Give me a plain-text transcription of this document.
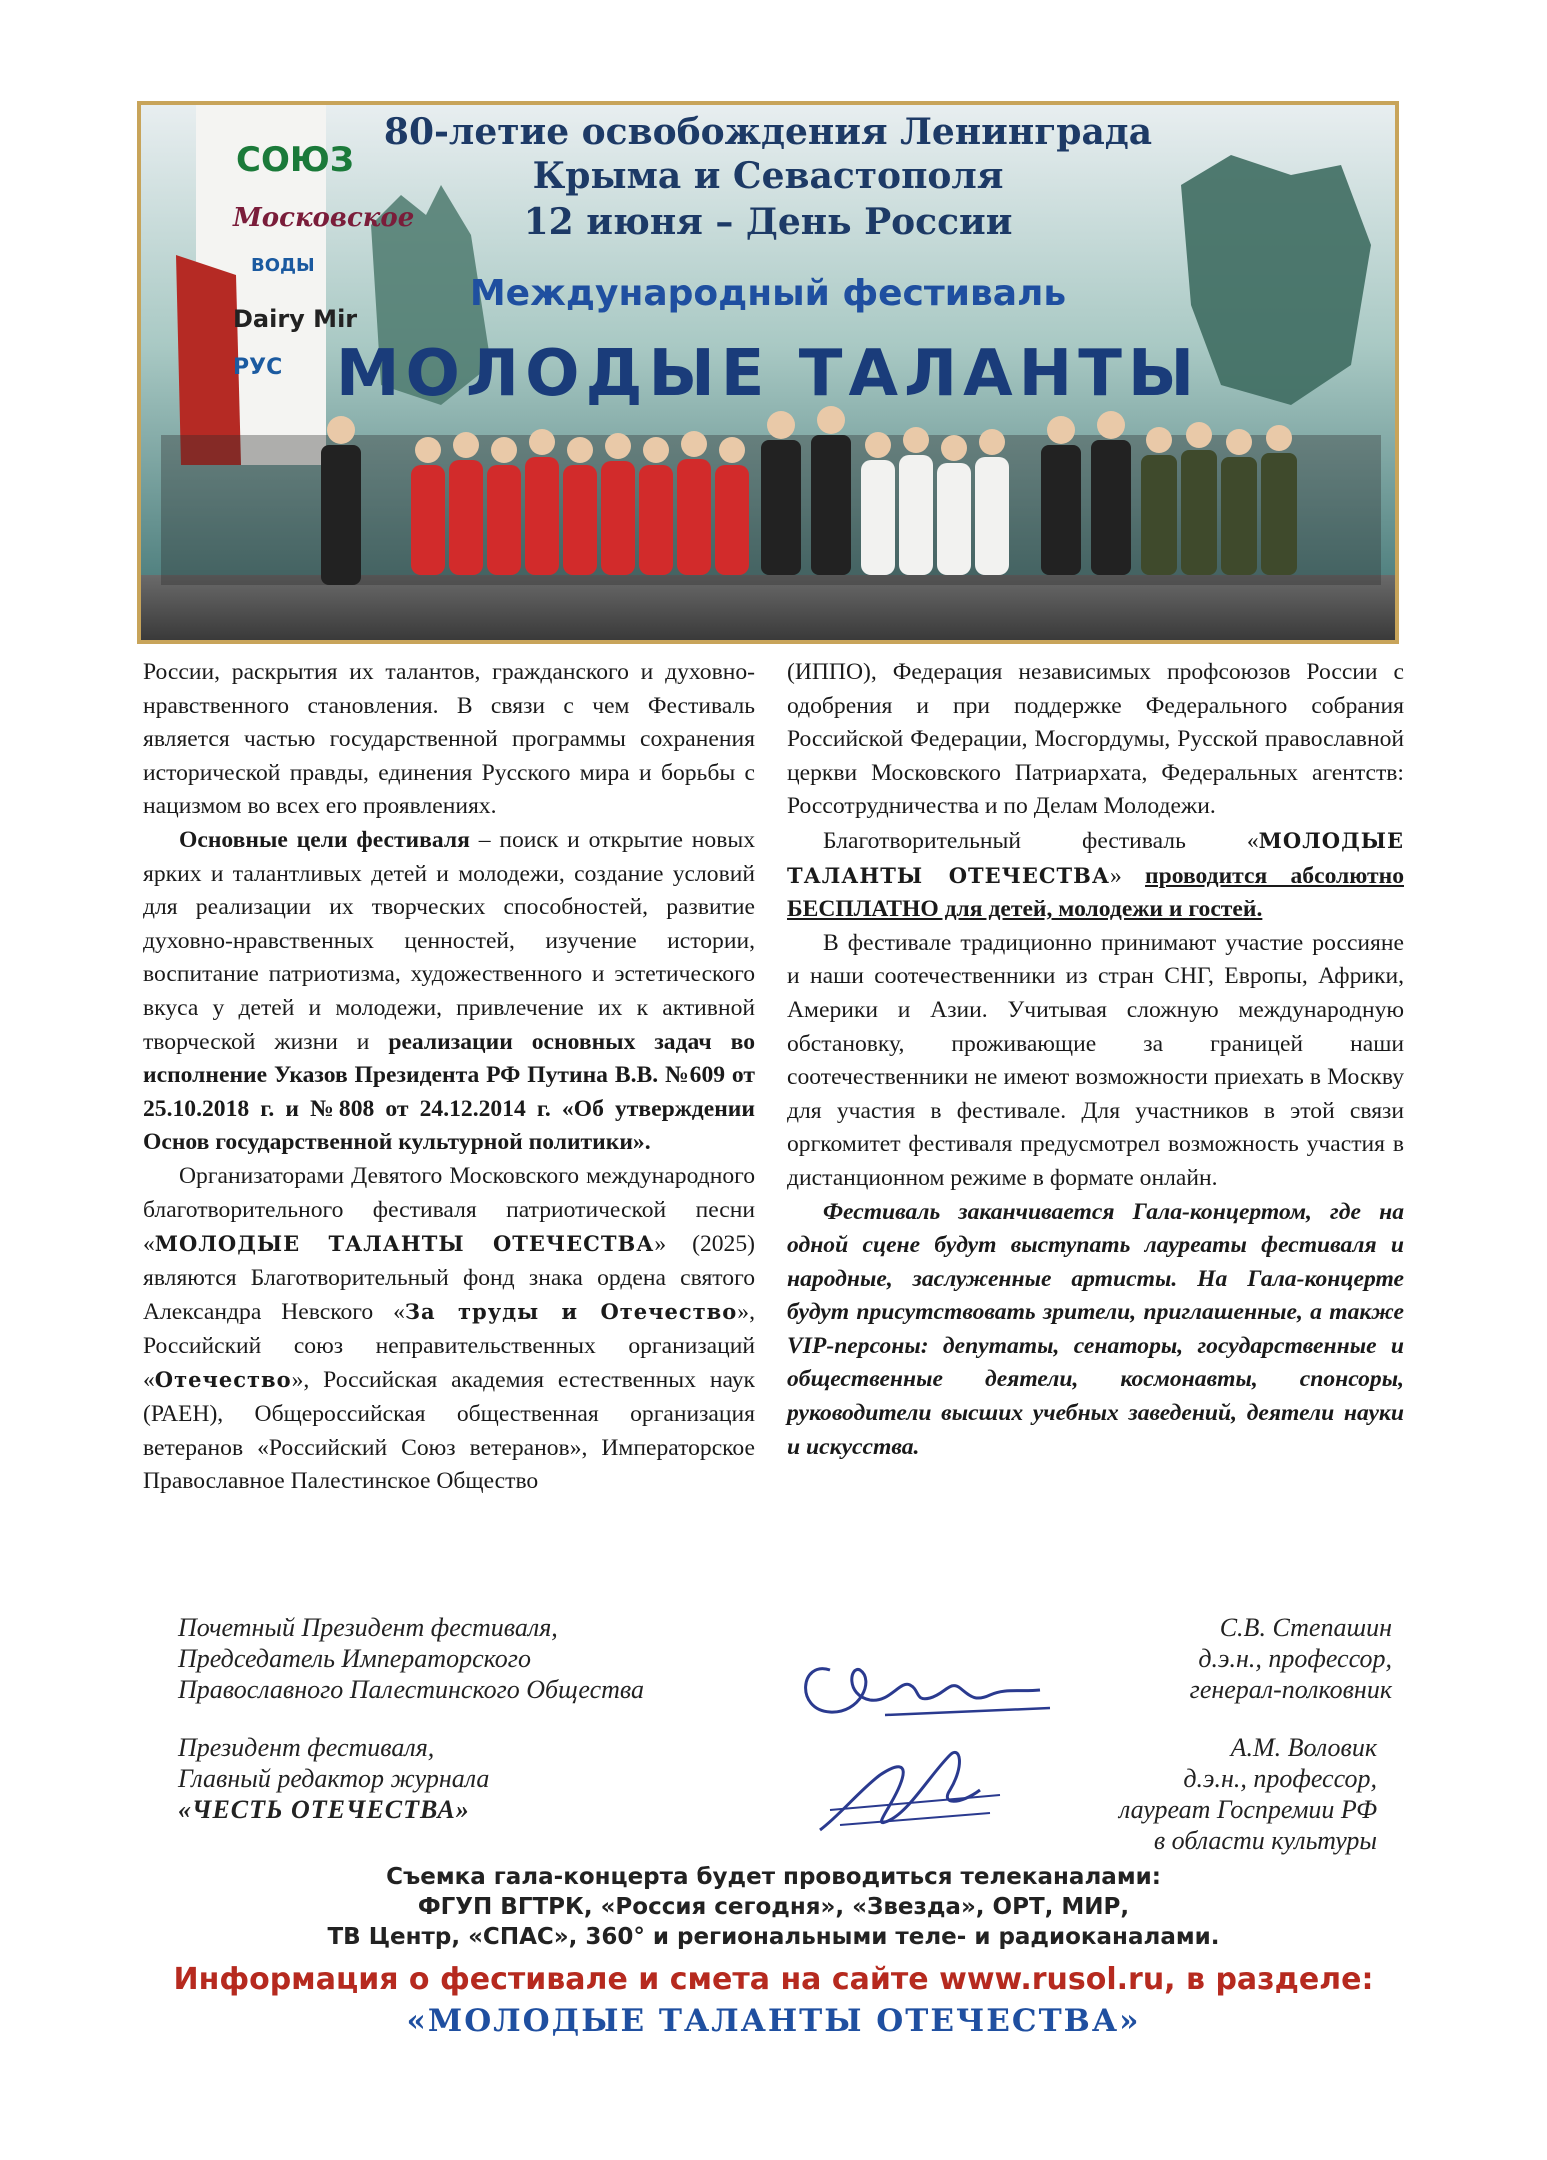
80-летие освобождения Ленинграда
Крыма и Севастополя
12 июня – День России
Международный фестиваль
МОЛОДЫЕ ТАЛАНТЫ
СОЮЗ
Московское
ВОДЫ
Dairy Mir
РУС

России, раскрытия их талантов, гражданского и духовно-нравственного становления. В связи с чем Фестиваль является частью государственной программы сохранения исторической правды, единения Русского мира и борьбы с нацизмом во всех его проявлениях.

Основные цели фестиваля – поиск и открытие новых ярких и талантливых детей и молодежи, создание условий для реализации их творческих способностей, развитие духовно-нравственных ценностей, изучение истории, воспитание патриотизма, художественного и эстетического вкуса у детей и молодежи, привлечение их к активной творческой жизни и реализации основных задач во исполнение Указов Президента РФ Путина В.В. №609 от 25.10.2018 г. и №808 от 24.12.2014 г. «Об утверждении Основ государственной культурной политики».

Организаторами Девятого Московского международного благотворительного фестиваля патриотической песни «МОЛОДЫЕ ТАЛАНТЫ ОТЕЧЕСТВА» (2025) являются Благотворительный фонд знака ордена святого Александра Невского «За труды и Отечество», Российский союз неправительственных организаций «Отечество», Российская академия естественных наук (РАЕН), Общероссийская общественная организация ветеранов «Российский Союз ветеранов», Императорское Православное Палестинское Общество

(ИППО), Федерация независимых профсоюзов России с одобрения и при поддержке Федерального собрания Российской Федерации, Мосгордумы, Русской православной церкви Московского Патриархата, Федеральных агентств: Россотрудничества и по Делам Молодежи.

Благотворительный фестиваль «МОЛОДЫЕ ТАЛАНТЫ ОТЕЧЕСТВА» проводится абсолютно БЕСПЛАТНО для детей, молодежи и гостей.

В фестивале традиционно принимают участие россияне и наши соотечественники из стран СНГ, Европы, Африки, Америки и Азии. Учитывая сложную международную обстановку, проживающие за границей наши соотечественники не имеют возможности приехать в Москву для участия в фестивале. Для участников в этой связи оргкомитет фестиваля предусмотрел возможность участия в дистанционном режиме в формате онлайн.

Фестиваль заканчивается Гала-концертом, где на одной сцене будут выступать лауреаты фестиваля и народные, заслуженные артисты. На Гала-концерте будут присутствовать зрители, приглашенные, а также VIP-персоны: депутаты, сенаторы, государственные и общественные деятели, космонавты, спонсоры, руководители высших учебных заведений, деятели науки и искусства.

Почетный Президент фестиваля,
Председатель Императорского
Православного Палестинского Общества
С.В. Степашин
д.э.н., профессор,
генерал-полковник
Президент фестиваля,
Главный редактор журнала
«ЧЕСТЬ ОТЕЧЕСТВА»
А.М. Воловик
д.э.н., профессор,
лауреат Госпремии РФ
в области культуры
Съемка гала-концерта будет проводиться телеканалами:
ФГУП ВГТРК, «Россия сегодня», «Звезда», ОРТ, МИР,
ТВ Центр, «СПАС», 360° и региональными теле- и радиоканалами.
Информация о фестивале и смета на сайте www.rusol.ru, в разделе:
«МОЛОДЫЕ ТАЛАНТЫ ОТЕЧЕСТВА»
